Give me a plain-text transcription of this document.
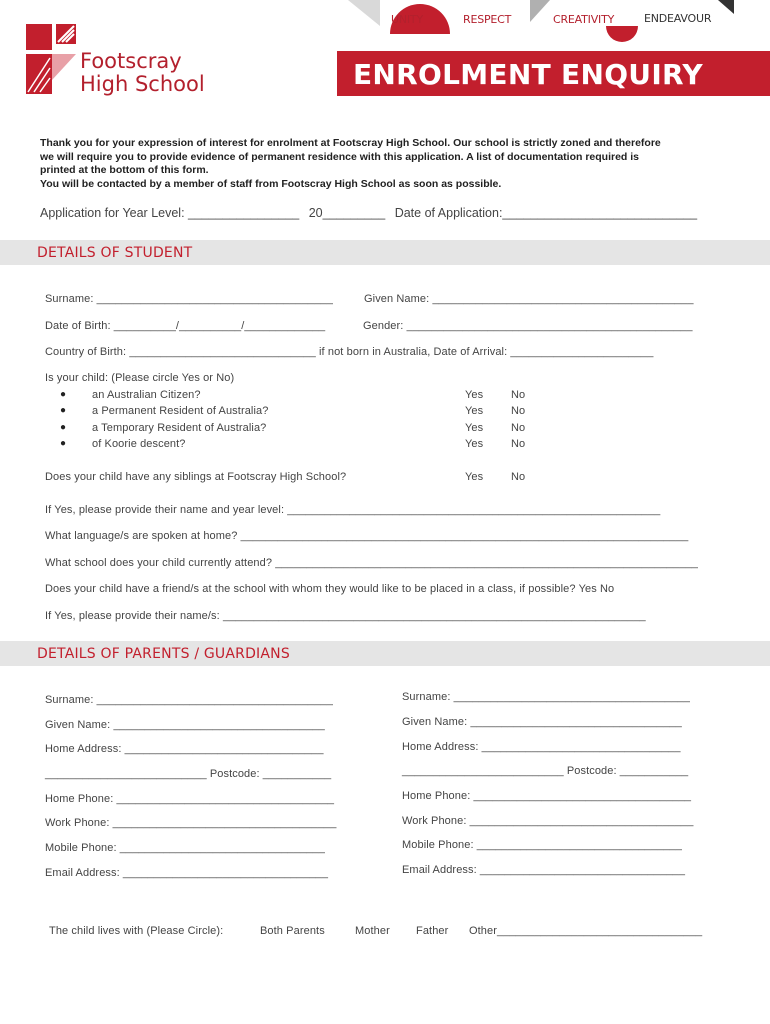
Footscray
High School
UNITY	RESPECT	CREATIVITY	ENDEAVOUR
ENROLMENT ENQUIRY
Thank you for your expression of interest for enrolment at Footscray High School. Our school is strictly zoned and therefore
we will require you to provide evidence of permanent residence with this application. A list of documentation required is
printed at the bottom of this form.
You will be contacted by a member of staff from Footscray High School as soon as possible.
Application for Year Level: ________________ 20_________ Date of Application:____________________________
DETAILS OF STUDENT
Surname: ______________________________________	Given Name: __________________________________________
Date of Birth: __________/__________/_____________	Gender: ______________________________________________
Country of Birth: ______________________________ if not born in Australia, Date of Arrival: _______________________
Is your child: (Please circle Yes or No)
● an Australian Citizen?	Yes	No
● a Permanent Resident of Australia?	Yes	No
● a Temporary Resident of Australia?	Yes	No
● of Koorie descent?	Yes	No
Does your child have any siblings at Footscray High School?	Yes	No
If Yes, please provide their name and year level: ____________________________________________________________
What language/s are spoken at home? ________________________________________________________________________
What school does your child currently attend? ____________________________________________________________________
Does your child have a friend/s at the school with whom they would like to be placed in a class, if possible? Yes No
If Yes, please provide their name/s: ____________________________________________________________________
DETAILS OF PARENTS / GUARDIANS
Surname: ______________________________________
Given Name: __________________________________
Home Address: ________________________________
__________________________ Postcode: ___________
Home Phone: ___________________________________
Work Phone: ____________________________________
Mobile Phone: _________________________________
Email Address: _________________________________
Surname: ______________________________________
Given Name: __________________________________
Home Address: ________________________________
__________________________ Postcode: ___________
Home Phone: ___________________________________
Work Phone: ____________________________________
Mobile Phone: _________________________________
Email Address: _________________________________
The child lives with (Please Circle):	Both Parents	Mother Father Other_________________________________
